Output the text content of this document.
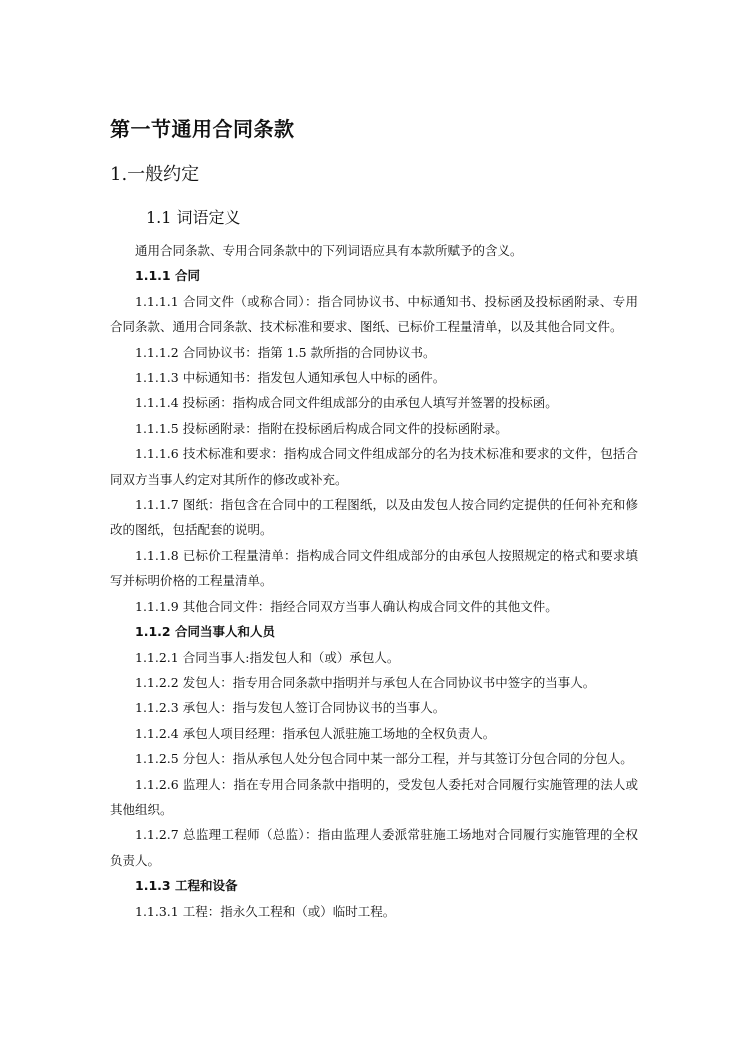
第一节通用合同条款
1.一般约定
1.1 词语定义

通用合同条款、专用合同条款中的下列词语应具有本款所赋予的含义。

1.1.1 合同

1.1.1.1 合同文件（或称合同）：指合同协议书、中标通知书、投标函及投标函附录、专用合同条款、通用合同条款、技术标准和要求、图纸、已标价工程量清单，以及其他合同文件。

1.1.1.2 合同协议书：指第 1.5 款所指的合同协议书。

1.1.1.3 中标通知书：指发包人通知承包人中标的函件。

1.1.1.4 投标函：指构成合同文件组成部分的由承包人填写并签署的投标函。

1.1.1.5 投标函附录：指附在投标函后构成合同文件的投标函附录。

1.1.1.6 技术标准和要求：指构成合同文件组成部分的名为技术标准和要求的文件，包括合同双方当事人约定对其所作的修改或补充。

1.1.1.7 图纸：指包含在合同中的工程图纸，以及由发包人按合同约定提供的任何补充和修改的图纸，包括配套的说明。

1.1.1.8 已标价工程量清单：指构成合同文件组成部分的由承包人按照规定的格式和要求填写并标明价格的工程量清单。

1.1.1.9 其他合同文件：指经合同双方当事人确认构成合同文件的其他文件。

1.1.2 合同当事人和人员

1.1.2.1 合同当事人:指发包人和（或）承包人。

1.1.2.2 发包人：指专用合同条款中指明并与承包人在合同协议书中签字的当事人。

1.1.2.3 承包人：指与发包人签订合同协议书的当事人。

1.1.2.4 承包人项目经理：指承包人派驻施工场地的全权负责人。

1.1.2.5 分包人：指从承包人处分包合同中某一部分工程，并与其签订分包合同的分包人。

1.1.2.6 监理人：指在专用合同条款中指明的，受发包人委托对合同履行实施管理的法人或其他组织。

1.1.2.7 总监理工程师（总监）：指由监理人委派常驻施工场地对合同履行实施管理的全权负责人。

1.1.3 工程和设备

1.1.3.1 工程：指永久工程和（或）临时工程。
